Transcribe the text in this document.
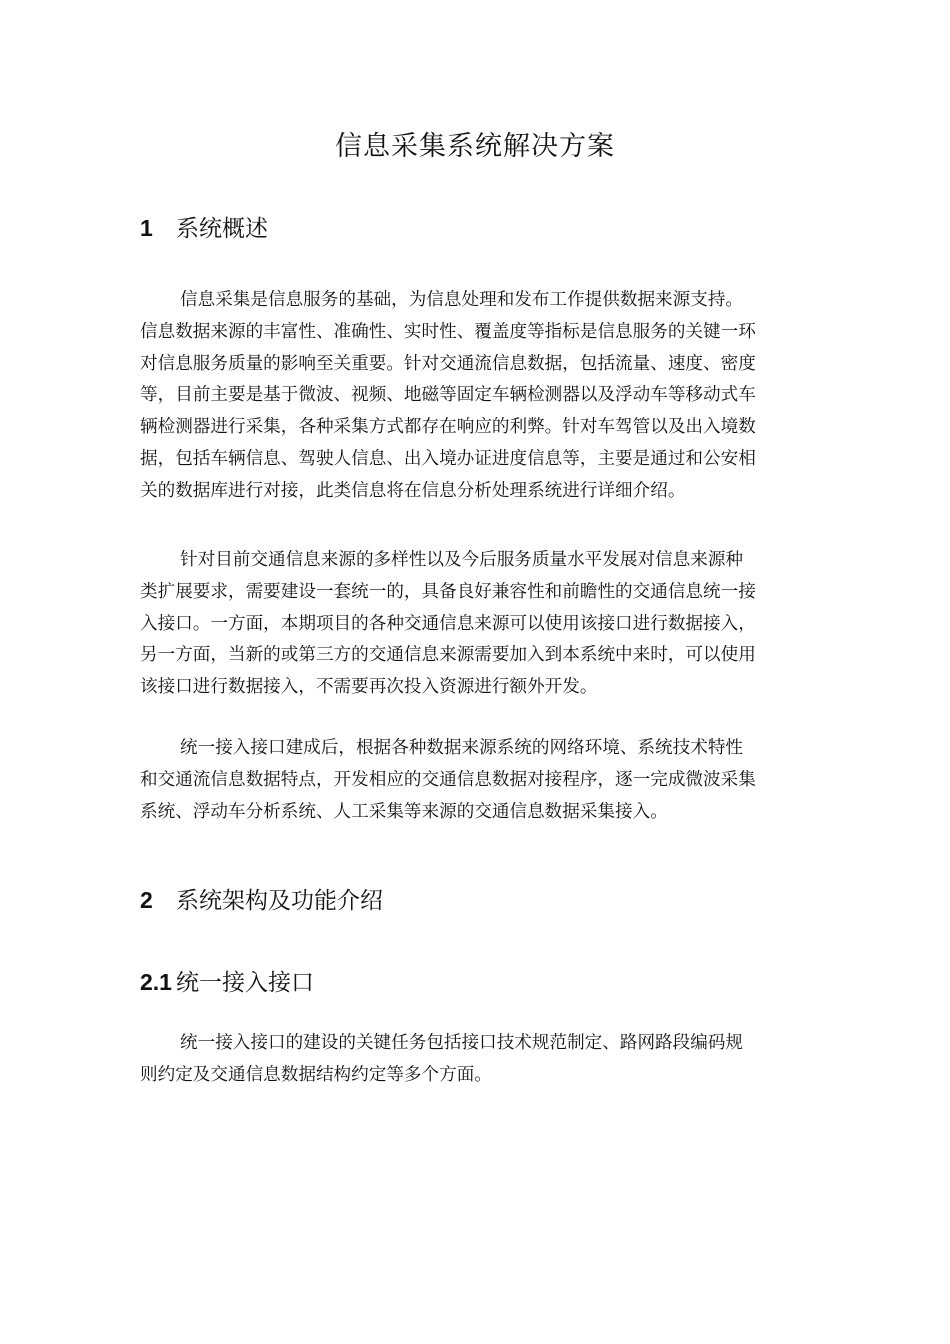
信息采集系统解决方案
1 系统概述

信息采集是信息服务的基础，为信息处理和发布工作提供数据来源支持。
信息数据来源的丰富性、准确性、实时性、覆盖度等指标是信息服务的关键一环
对信息服务质量的影响至关重要。针对交通流信息数据，包括流量、速度、密度
等，目前主要是基于微波、视频、地磁等固定车辆检测器以及浮动车等移动式车
辆检测器进行采集，各种采集方式都存在响应的利弊。针对车驾管以及出入境数
据，包括车辆信息、驾驶人信息、出入境办证进度信息等，主要是通过和公安相
关的数据库进行对接，此类信息将在信息分析处理系统进行详细介绍。

针对目前交通信息来源的多样性以及今后服务质量水平发展对信息来源种
类扩展要求，需要建设一套统一的，具备良好兼容性和前瞻性的交通信息统一接
入接口。一方面，本期项目的各种交通信息来源可以使用该接口进行数据接入，
另一方面，当新的或第三方的交通信息来源需要加入到本系统中来时，可以使用
该接口进行数据接入，不需要再次投入资源进行额外开发。

统一接入接口建成后，根据各种数据来源系统的网络环境、系统技术特性
和交通流信息数据特点，开发相应的交通信息数据对接程序，逐一完成微波采集
系统、浮动车分析系统、人工采集等来源的交通信息数据采集接入。

2 系统架构及功能介绍
2.1 统一接入接口

统一接入接口的建设的关键任务包括接口技术规范制定、路网路段编码规
则约定及交通信息数据结构约定等多个方面。
